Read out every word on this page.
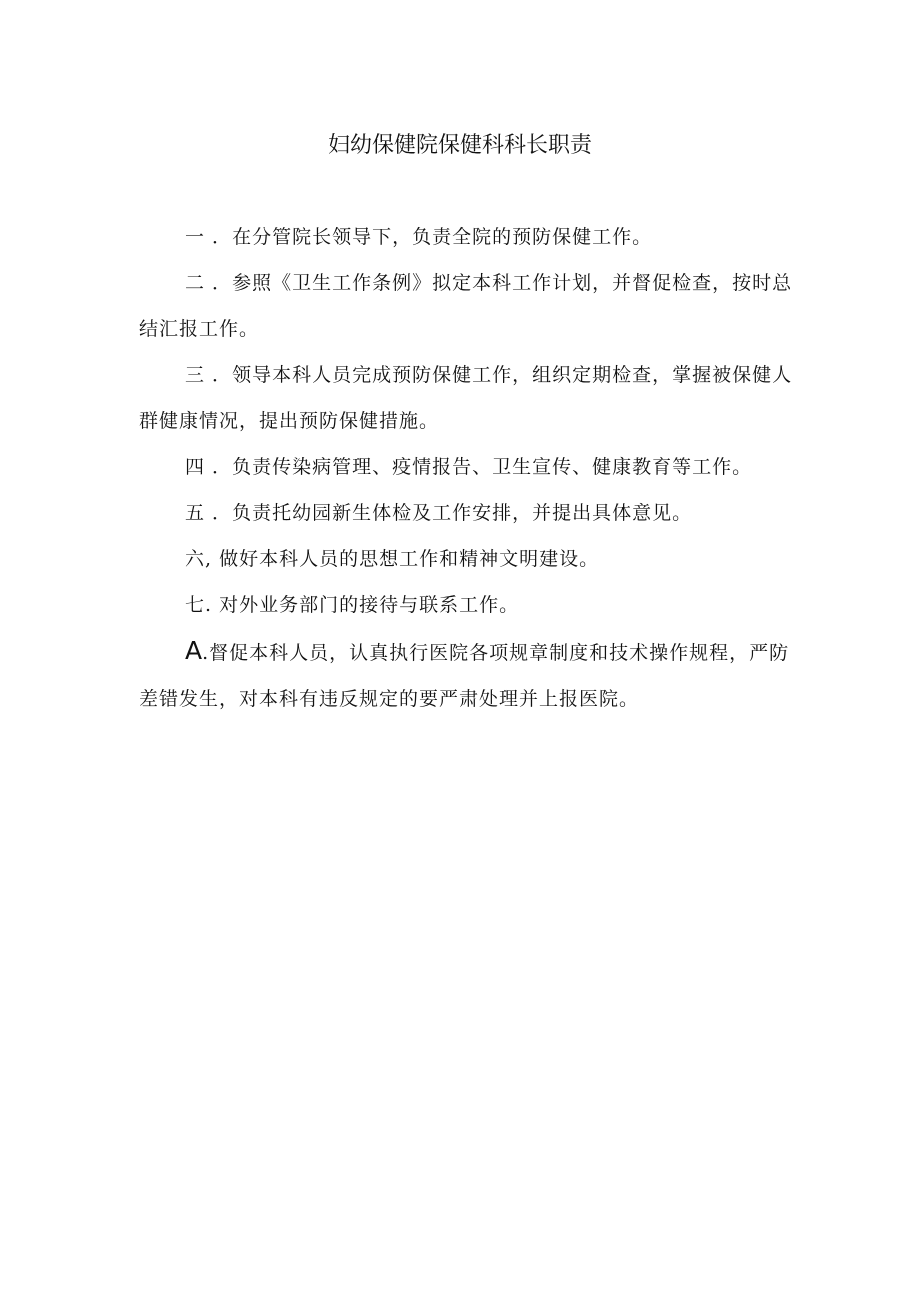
妇幼保健院保健科科长职责

一 ．在分管院长领导下，负责全院的预防保健工作。

二 ．参照《卫生工作条例》拟定本科工作计划，并督促检查，按时总结汇报工作。

三 ．领导本科人员完成预防保健工作，组织定期检查，掌握被保健人群健康情况，提出预防保健措施。

四 ．负责传染病管理、疫情报告、卫生宣传、健康教育等工作。

五 ．负责托幼园新生体检及工作安排，并提出具体意见。

六, 做好本科人员的思想工作和精神文明建设。

七. 对外业务部门的接待与联系工作。

A.督促本科人员，认真执行医院各项规章制度和技术操作规程，严防差错发生，对本科有违反规定的要严肃处理并上报医院。
